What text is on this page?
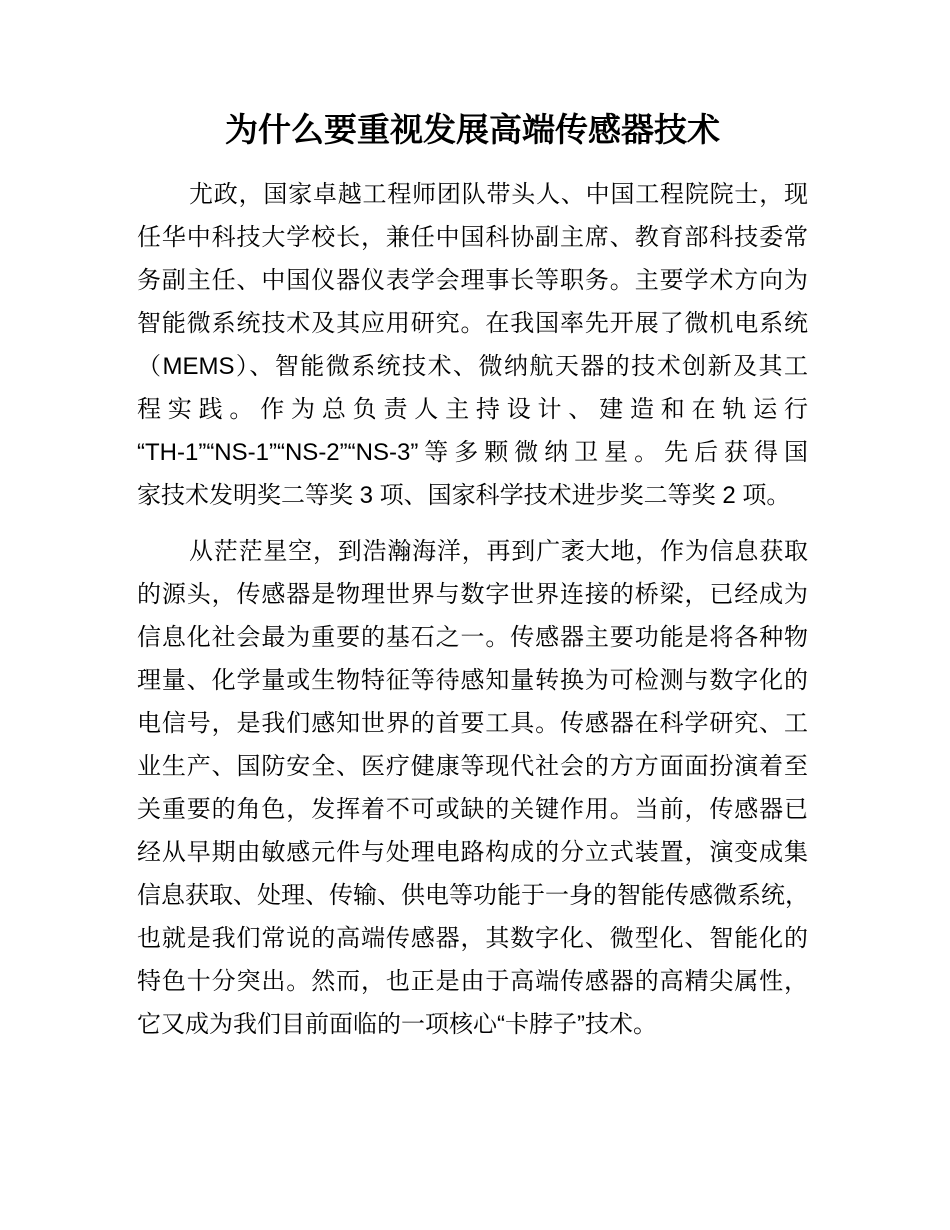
为什么要重视发展高端传感器技术
尤政，国家卓越工程师团队带头人、中国工程院院士，现
任华中科技大学校长，兼任中国科协副主席、教育部科技委常
务副主任、中国仪器仪表学会理事长等职务。主要学术方向为
智能微系统技术及其应用研究。在我国率先开展了微机电系统
（MEMS）、智能微系统技术、微纳航天器的技术创新及其工
程实践。作为总负责人主持设计、建造和在轨运行
“TH-1”“NS-1”“NS-2”“NS-3”等多颗微纳卫星。先后获得国
家技术发明奖二等奖 3 项、国家科学技术进步奖二等奖 2 项。
从茫茫星空，到浩瀚海洋，再到广袤大地，作为信息获取
的源头，传感器是物理世界与数字世界连接的桥梁，已经成为
信息化社会最为重要的基石之一。传感器主要功能是将各种物
理量、化学量或生物特征等待感知量转换为可检测与数字化的
电信号，是我们感知世界的首要工具。传感器在科学研究、工
业生产、国防安全、医疗健康等现代社会的方方面面扮演着至
关重要的角色，发挥着不可或缺的关键作用。当前，传感器已
经从早期由敏感元件与处理电路构成的分立式装置，演变成集
信息获取、处理、传输、供电等功能于一身的智能传感微系统，
也就是我们常说的高端传感器，其数字化、微型化、智能化的
特色十分突出。然而，也正是由于高端传感器的高精尖属性，
它又成为我们目前面临的一项核心“卡脖子”技术。
